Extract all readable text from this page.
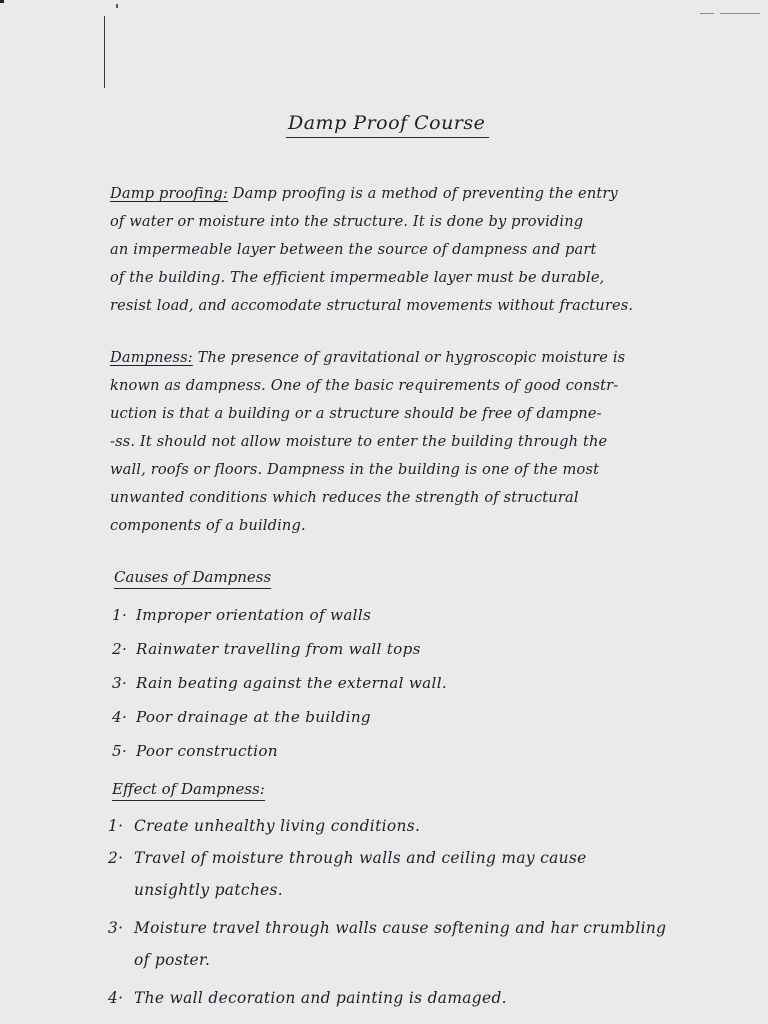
Damp Proof Course
Damp proofing: Damp proofing is a method of preventing the entry
of water or moisture into the structure. It is done by providing
an impermeable layer between the source of dampness and part
of the building. The efficient impermeable layer must be durable,
resist load, and accomodate structural movements without fractures.
Dampness: The presence of gravitational or hygroscopic moisture is
known as dampness. One of the basic requirements of good constr-
uction is that a building or a structure should be free of dampne-
-ss. It should not allow moisture to enter the building through the
wall, roofs or floors. Dampness in the building is one of the most
unwanted conditions which reduces the strength of structural
components of a building.
Causes of Dampness
1· Improper orientation of walls
2· Rainwater travelling from wall tops
3· Rain beating against the external wall.
4· Poor drainage at the building
5· Poor construction
Effect of Dampness:
1· Create unhealthy living conditions.
2· Travel of moisture through walls and ceiling may cause
unsightly patches.
3· Moisture travel through walls cause softening and har crumbling
of poster.
4· The wall decoration and painting is damaged.
